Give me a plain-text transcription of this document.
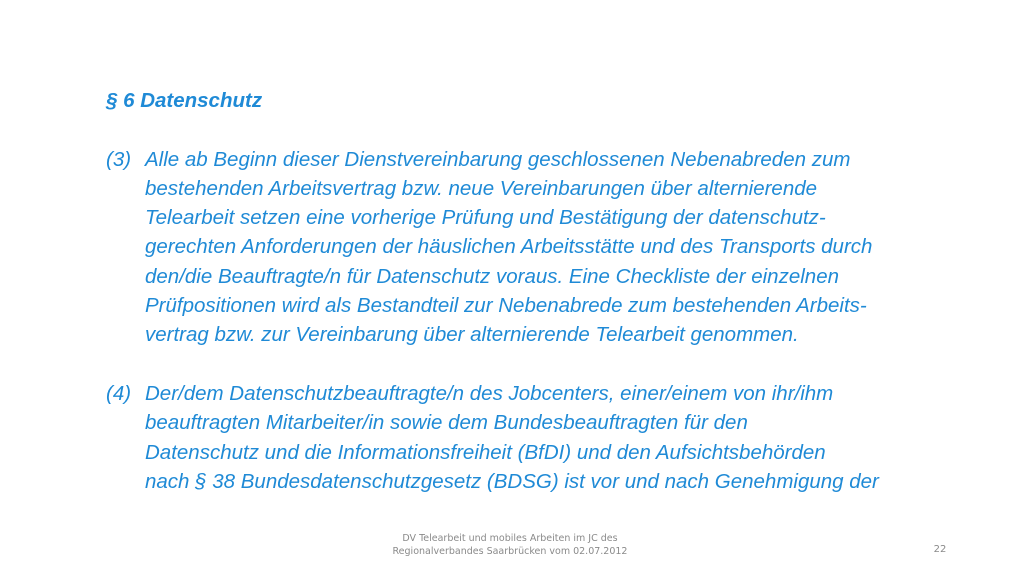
§ 6 Datenschutz
(3) Alle ab Beginn dieser Dienstvereinbarung geschlossenen Nebenabreden zum
bestehenden Arbeitsvertrag bzw. neue Vereinbarungen über alternierende
Telearbeit setzen eine vorherige Prüfung und Bestätigung der datenschutz-
gerechten Anforderungen der häuslichen Arbeitsstätte und des Transports durch
den/die Beauftragte/n für Datenschutz voraus. Eine Checkliste der einzelnen
Prüfpositionen wird als Bestandteil zur Nebenabrede zum bestehenden Arbeits-
vertrag bzw. zur Vereinbarung über alternierende Telearbeit genommen.
(4) Der/dem Datenschutzbeauftragte/n des Jobcenters, einer/einem von ihr/ihm
beauftragten Mitarbeiter/in sowie dem Bundesbeauftragten für den
Datenschutz und die Informationsfreiheit (BfDI) und den Aufsichtsbehörden
nach § 38 Bundesdatenschutzgesetz (BDSG) ist vor und nach Genehmigung der
DV Telearbeit und mobiles Arbeiten im JC des
Regionalverbandes Saarbrücken vom 02.07.2012	22
